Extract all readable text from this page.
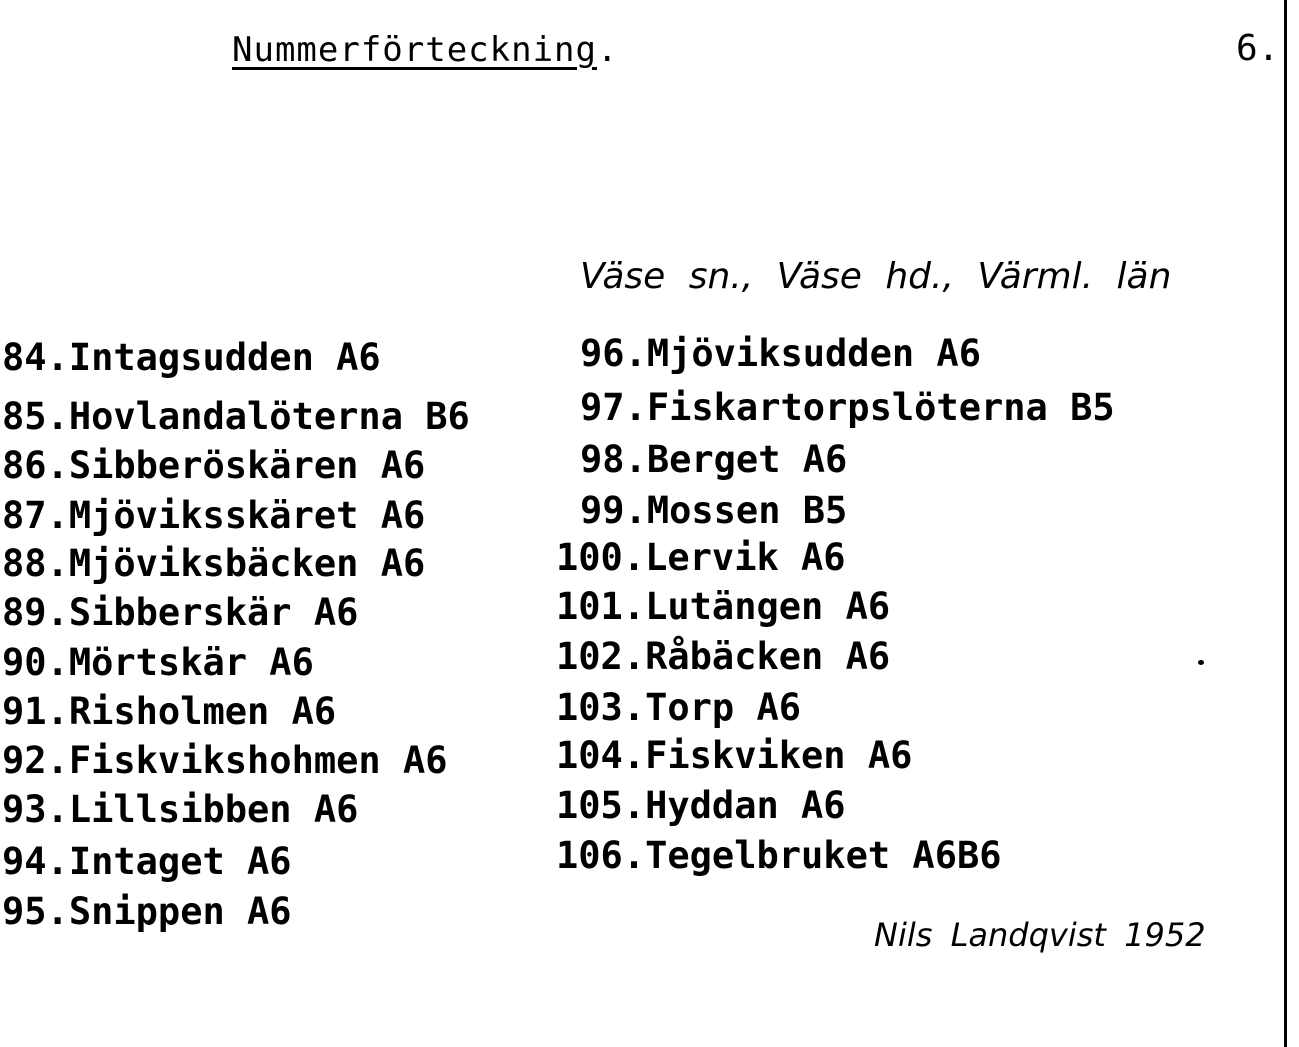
Nummerförteckning.	6.
Väse sn., Väse hd., Värml. län
84.Intagsudden A6
85.Hovlandalöterna B6
86.Sibberöskären A6
87.Mjöviksskäret A6
88.Mjöviksbäcken A6
89.Sibberskär A6
90.Mörtskär A6
91.Risholmen A6
92.Fiskvikshohmen A6
93.Lillsibben A6
94.Intaget A6
95.Snippen A6
96.Mjöviksudden A6
97.Fiskartorpslöterna B5
98.Berget A6
99.Mossen B5
100.Lervik A6
101.Lutängen A6
102.Råbäcken A6
103.Torp A6
104.Fiskviken A6
105.Hyddan A6
106.Tegelbruket A6B6
Nils Landqvist 1952
